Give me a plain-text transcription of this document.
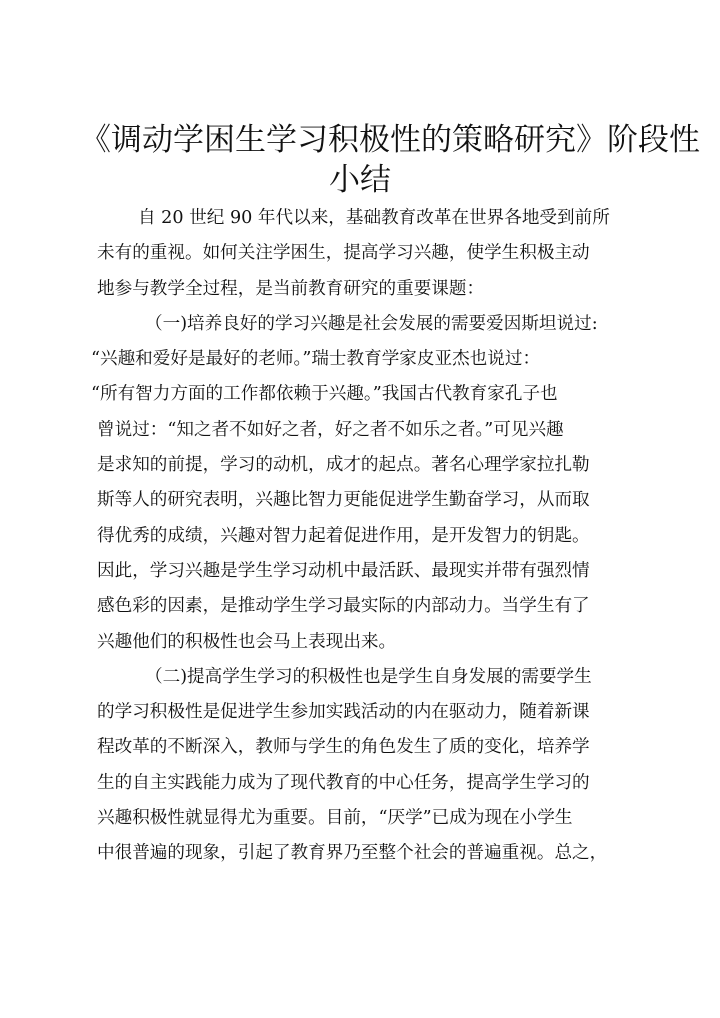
《调动学困生学习积极性的策略研究》阶段性
小结
自 20 世纪 90 年代以来，基础教育改革在世界各地受到前所
未有的重视。如何关注学困生，提高学习兴趣，使学生积极主动
地参与教学全过程，是当前教育研究的重要课题：
（一)培养良好的学习兴趣是社会发展的需要爱因斯坦说过:
“兴趣和爱好是最好的老师。”瑞士教育学家皮亚杰也说过：
“所有智力方面的工作都依赖于兴趣。”我国古代教育家孔子也
曾说过：“知之者不如好之者，好之者不如乐之者。”可见兴趣
是求知的前提，学习的动机，成才的起点。著名心理学家拉扎勒
斯等人的研究表明，兴趣比智力更能促进学生勤奋学习，从而取
得优秀的成绩，兴趣对智力起着促进作用，是开发智力的钥匙。
因此，学习兴趣是学生学习动机中最活跃、最现实并带有强烈情
感色彩的因素，是推动学生学习最实际的内部动力。当学生有了
兴趣他们的积极性也会马上表现出来。
（二)提高学生学习的积极性也是学生自身发展的需要学生
的学习积极性是促进学生参加实践活动的内在驱动力，随着新课
程改革的不断深入，教师与学生的角色发生了质的变化，培养学
生的自主实践能力成为了现代教育的中心任务，提高学生学习的
兴趣积极性就显得尤为重要。目前，“厌学”已成为现在小学生
中很普遍的现象，引起了教育界乃至整个社会的普遍重视。总之，
